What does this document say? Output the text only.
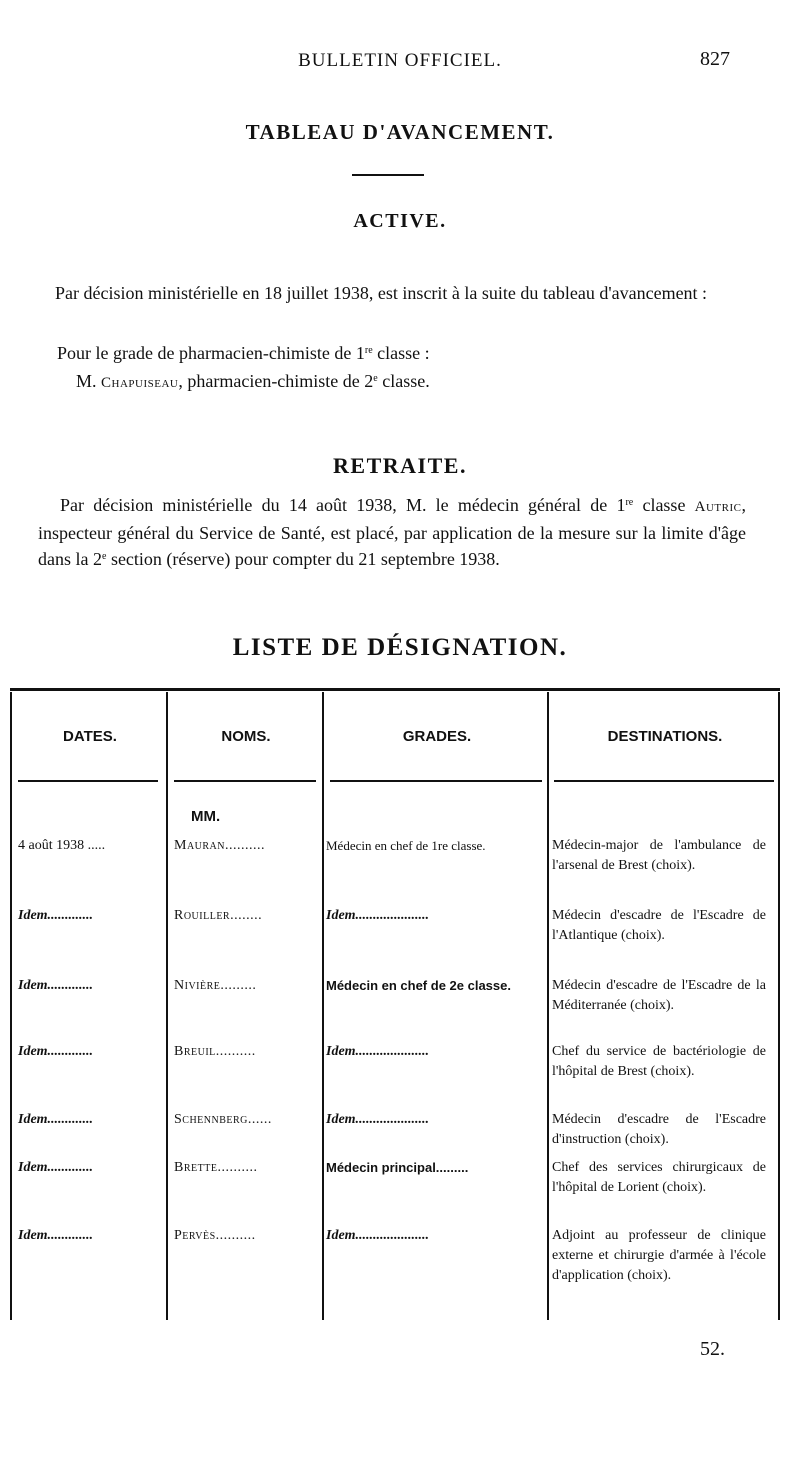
BULLETIN OFFICIEL.	827
TABLEAU D'AVANCEMENT.
ACTIVE.
Par décision ministérielle en 18 juillet 1938, est inscrit à la suite du tableau d'avancement :
Pour le grade de pharmacien-chimiste de 1re classe :
M. Chapuiseau, pharmacien-chimiste de 2e classe.
RETRAITE.
Par décision ministérielle du 14 août 1938, M. le médecin général de 1re classe Autric, inspecteur général du Service de Santé, est placé, par application de la mesure sur la limite d'âge dans la 2e section (réserve) pour compter du 21 septembre 1938.
LISTE DE DÉSIGNATION.
DATES.	NOMS.	GRADES.	DESTINATIONS.
MM.
4 août 1938 .....	Mauran..........	Médecin en chef de 1re classe.	Médecin-major de l'ambulance de l'arsenal de Brest (choix).
Idem.............	Rouiller........	Idem.....................	Médecin d'escadre de l'Escadre de l'Atlantique (choix).
Idem.............	Nivière.........	Médecin en chef de 2e classe.	Médecin d'escadre de l'Escadre de la Méditerranée (choix).
Idem.............	Breuil..........	Idem.....................	Chef du service de bactériologie de l'hôpital de Brest (choix).
Idem.............	Schennberg......	Idem.....................	Médecin d'escadre de l'Escadre d'instruction (choix).
Idem.............	Brette..........	Médecin principal.........	Chef des services chirurgicaux de l'hôpital de Lorient (choix).
Idem.............	Pervès..........	Idem.....................	Adjoint au professeur de clinique externe et chirurgie d'armée à l'école d'application (choix).
52.
